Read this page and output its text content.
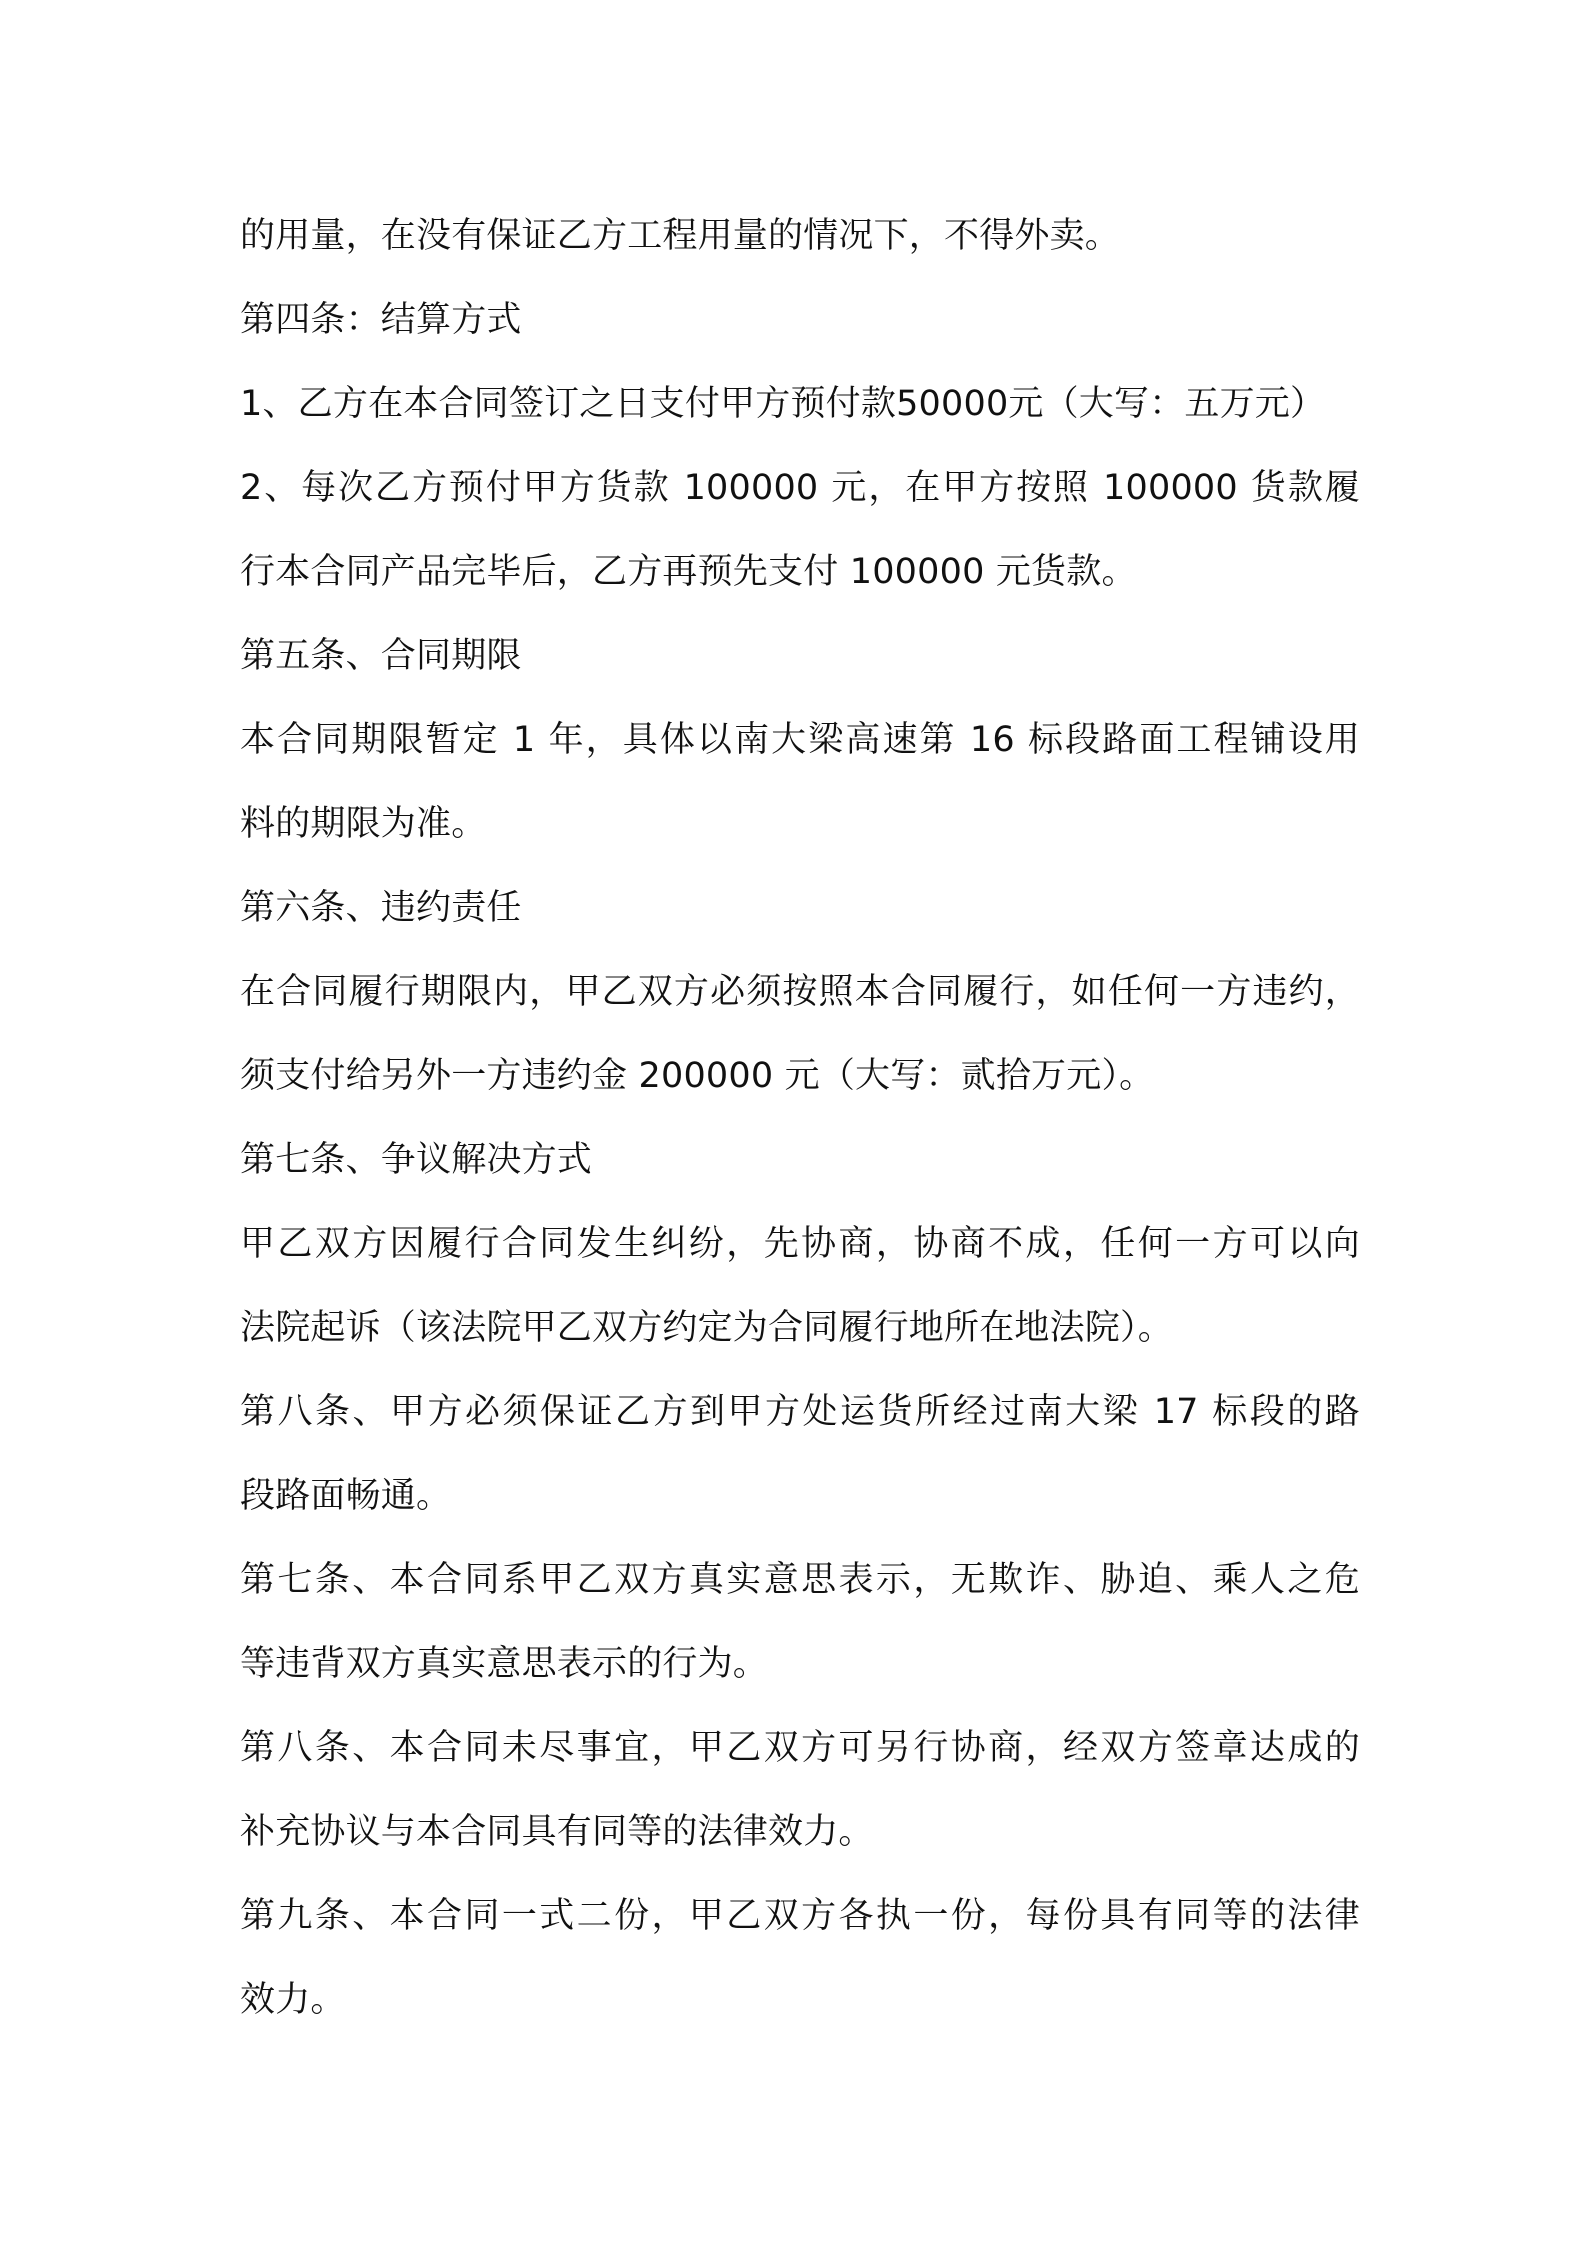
的用量，在没有保证乙方工程用量的情况下，不得外卖。
第四条：结算方式
1、乙方在本合同签订之日支付甲方预付款50000元（大写：五万元）
2、每次乙方预付甲方货款 100000 元，在甲方按照 100000 货款履
行本合同产品完毕后，乙方再预先支付 100000 元货款。
第五条、合同期限
本合同期限暂定 1 年，具体以南大梁高速第 16 标段路面工程铺设用
料的期限为准。
第六条、违约责任
在合同履行期限内，甲乙双方必须按照本合同履行，如任何一方违约，
须支付给另外一方违约金 200000 元（大写：贰拾万元）。
第七条、争议解决方式
甲乙双方因履行合同发生纠纷，先协商，协商不成，任何一方可以向
法院起诉（该法院甲乙双方约定为合同履行地所在地法院）。
第八条、甲方必须保证乙方到甲方处运货所经过南大梁 17 标段的路
段路面畅通。
第七条、本合同系甲乙双方真实意思表示，无欺诈、胁迫、乘人之危
等违背双方真实意思表示的行为。
第八条、本合同未尽事宜，甲乙双方可另行协商，经双方签章达成的
补充协议与本合同具有同等的法律效力。
第九条、本合同一式二份，甲乙双方各执一份，每份具有同等的法律
效力。
